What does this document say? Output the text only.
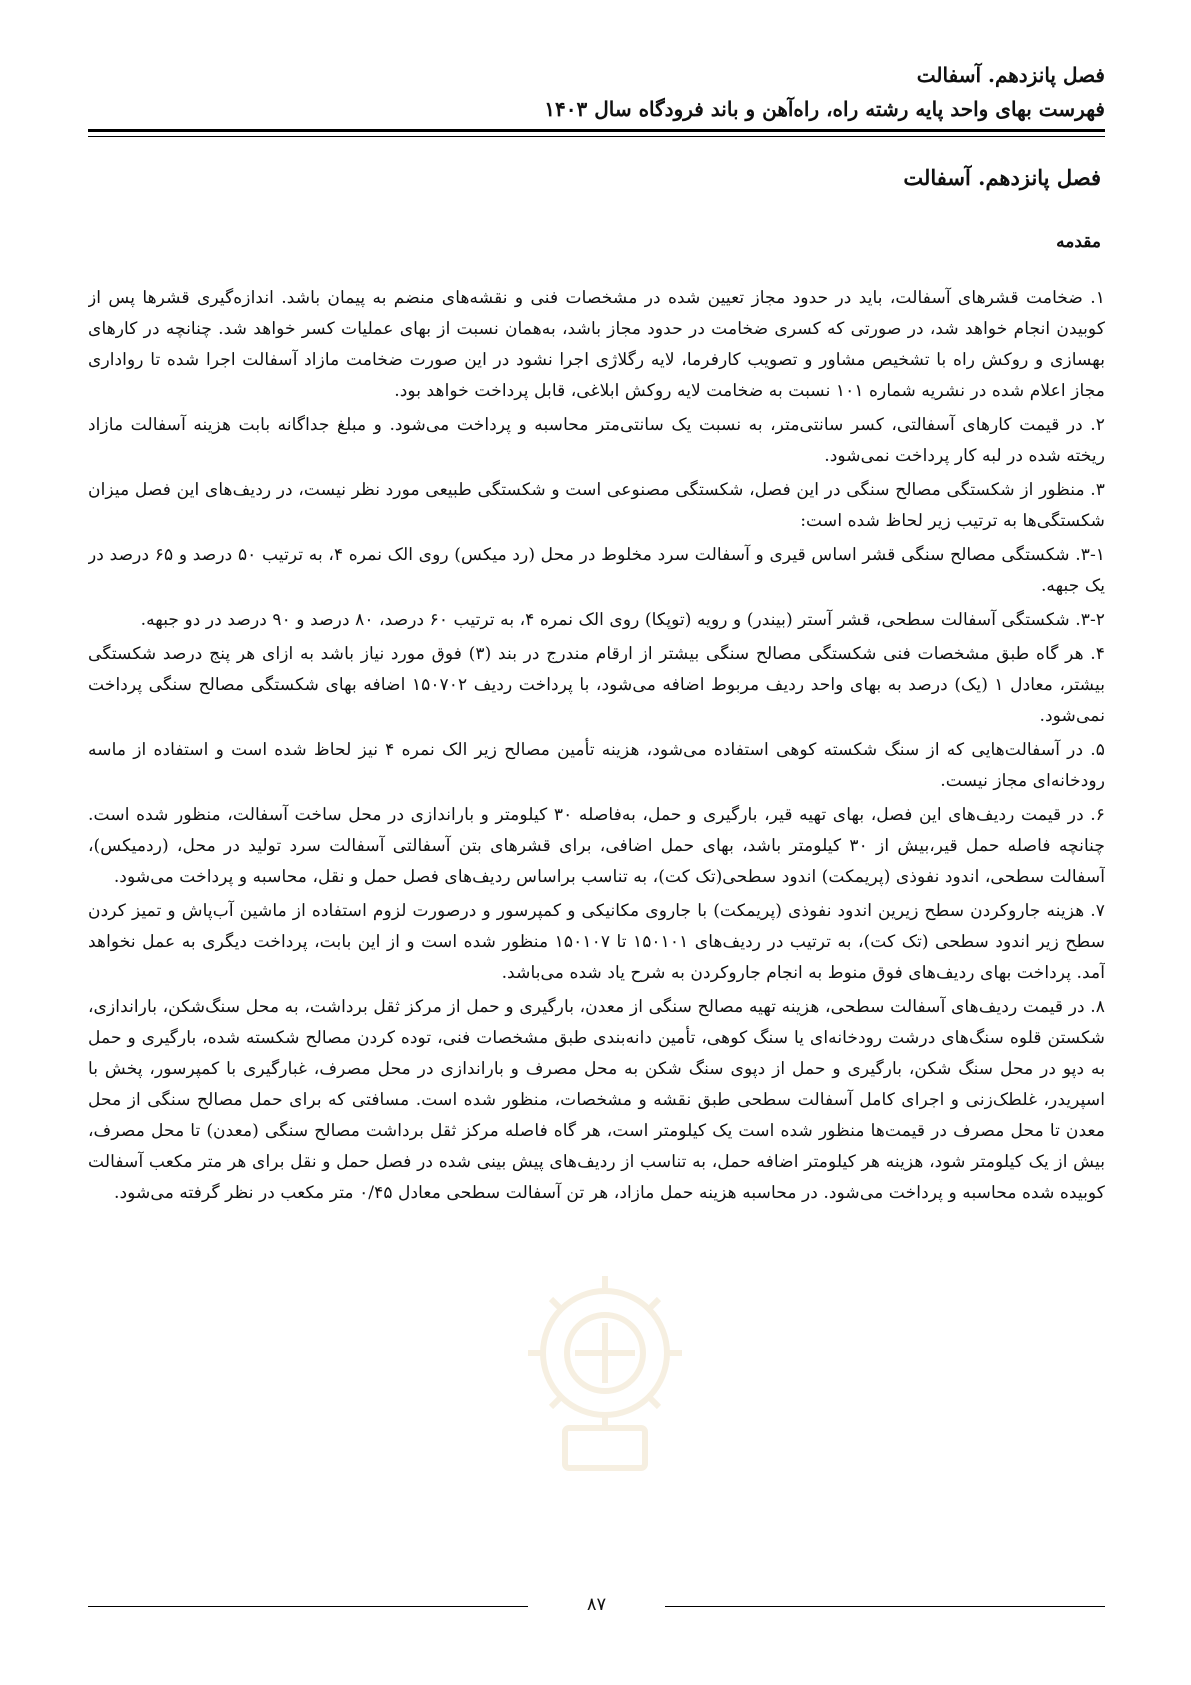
فصل پانزدهم. آسفالت
فهرست بهای واحد پایه رشته راه، راه‌آهن و باند فرودگاه سال ۱۴۰۳
فصل پانزدهم. آسفالت
مقدمه

۱. ضخامت قشرهای آسفالت، باید در حدود مجاز تعیین شده در مشخصات فنی و نقشه‌های منضم به پیمان باشد. اندازه‌گیری قشرها پس از کوبیدن انجام خواهد شد، در صورتی که کسری ضخامت در حدود مجاز باشد، به‌همان نسبت از بهای عملیات کسر خواهد شد. چنانچه در کارهای بهسازی و روکش راه با تشخیص مشاور و تصویب کارفرما، لایه رگلاژی اجرا نشود در این صورت ضخامت مازاد آسفالت اجرا شده تا رواداری مجاز اعلام شده در نشریه شماره ۱۰۱ نسبت به ضخامت لایه روکش ابلاغی، قابل پرداخت خواهد بود.

۲. در قیمت کارهای آسفالتی، کسر سانتی‌متر، به نسبت یک سانتی‌متر محاسبه و پرداخت می‌شود. و مبلغ جداگانه بابت هزینه آسفالت مازاد ریخته شده در لبه کار پرداخت نمی‌شود.

۳. منظور از شکستگی مصالح سنگی در این فصل، شکستگی مصنوعی است و شکستگی طبیعی مورد نظر نیست، در ردیف‌های این فصل میزان شکستگی‌ها به ترتیب زیر لحاظ شده است:

۳-۱. شکستگی مصالح سنگی قشر اساس قیری و آسفالت سرد مخلوط در محل (رد میکس) روی الک نمره ۴، به ترتیب ۵۰ درصد و ۶۵ درصد در یک جبهه.

۳-۲. شکستگی آسفالت سطحی، قشر آستر (بیندر) و رویه (توپکا) روی الک نمره ۴، به ترتیب ۶۰ درصد، ۸۰ درصد و ۹۰ درصد در دو جبهه.

۴. هر گاه طبق مشخصات فنی شکستگی مصالح سنگی بیشتر از ارقام مندرج در بند (۳) فوق مورد نیاز باشد به ازای هر پنج درصد شکستگی بیشتر، معادل ۱ (یک) درصد به بهای واحد ردیف مربوط اضافه می‌شود، با پرداخت ردیف ۱۵۰۷۰۲ اضافه بهای شکستگی مصالح سنگی پرداخت نمی‌شود.

۵. در آسفالت‌هایی که از سنگ شکسته کوهی استفاده می‌شود، هزینه تأمین مصالح زیر الک نمره ۴ نیز لحاظ شده است و استفاده از ماسه رودخانه‌ای مجاز نیست.

۶. در قیمت ردیف‌های این فصل، بهای تهیه قیر، بارگیری و حمل، به‌فاصله ۳۰ کیلومتر و باراندازی در محل ساخت آسفالت، منظور شده است. چنانچه فاصله حمل قیر،بیش از ۳۰ کیلومتر باشد، بهای حمل اضافی، برای قشرهای بتن آسفالتی آسفالت سرد تولید در محل، (ردمیکس)، آسفالت سطحی، اندود نفوذی (پریمکت) اندود سطحی(تک کت)، به تناسب براساس ردیف‌های فصل حمل و نقل، محاسبه و پرداخت می‌شود.

۷. هزینه جاروکردن سطح زیرین اندود نفوذی (پریمکت) با جاروی مکانیکی و کمپرسور و درصورت لزوم استفاده از ماشین آب‌پاش و تمیز کردن سطح زیر اندود سطحی (تک کت)، به ترتیب در ردیف‌های ۱۵۰۱۰۱ تا ۱۵۰۱۰۷ منظور شده است و از این بابت، پرداخت دیگری به عمل نخواهد آمد. پرداخت بهای ردیف‌های فوق منوط به انجام جاروکردن به شرح یاد شده می‌باشد.

۸. در قیمت ردیف‌های آسفالت سطحی، هزینه تهیه مصالح سنگی از معدن، بارگیری و حمل از مرکز ثقل برداشت، به محل سنگ‌شکن، باراندازی، شکستن قلوه سنگ‌های درشت رودخانه‌ای یا سنگ کوهی، تأمین دانه‌بندی طبق مشخصات فنی، توده کردن مصالح شکسته شده، بارگیری و حمل به دپو در محل سنگ شکن، بارگیری و حمل از دپوی سنگ شکن به محل مصرف و باراندازی در محل مصرف، غبارگیری با کمپرسور، پخش با اسپریدر، غلطک‌زنی و اجرای کامل آسفالت سطحی طبق نقشه و مشخصات، منظور شده است. مسافتی که برای حمل مصالح سنگی از محل معدن تا محل مصرف در قیمت‌ها منظور شده است یک کیلومتر است، هر گاه فاصله مرکز ثقل برداشت مصالح سنگی (معدن) تا محل مصرف، بیش از یک کیلومتر شود، هزینه هر کیلومتر اضافه حمل، به تناسب از ردیف‌های پیش بینی شده در فصل حمل و نقل برای هر متر مکعب آسفالت کوبیده شده محاسبه و پرداخت می‌شود. در محاسبه هزینه حمل مازاد، هر تن آسفالت سطحی معادل ۰/۴۵ متر مکعب در نظر گرفته می‌شود.

۸۷
